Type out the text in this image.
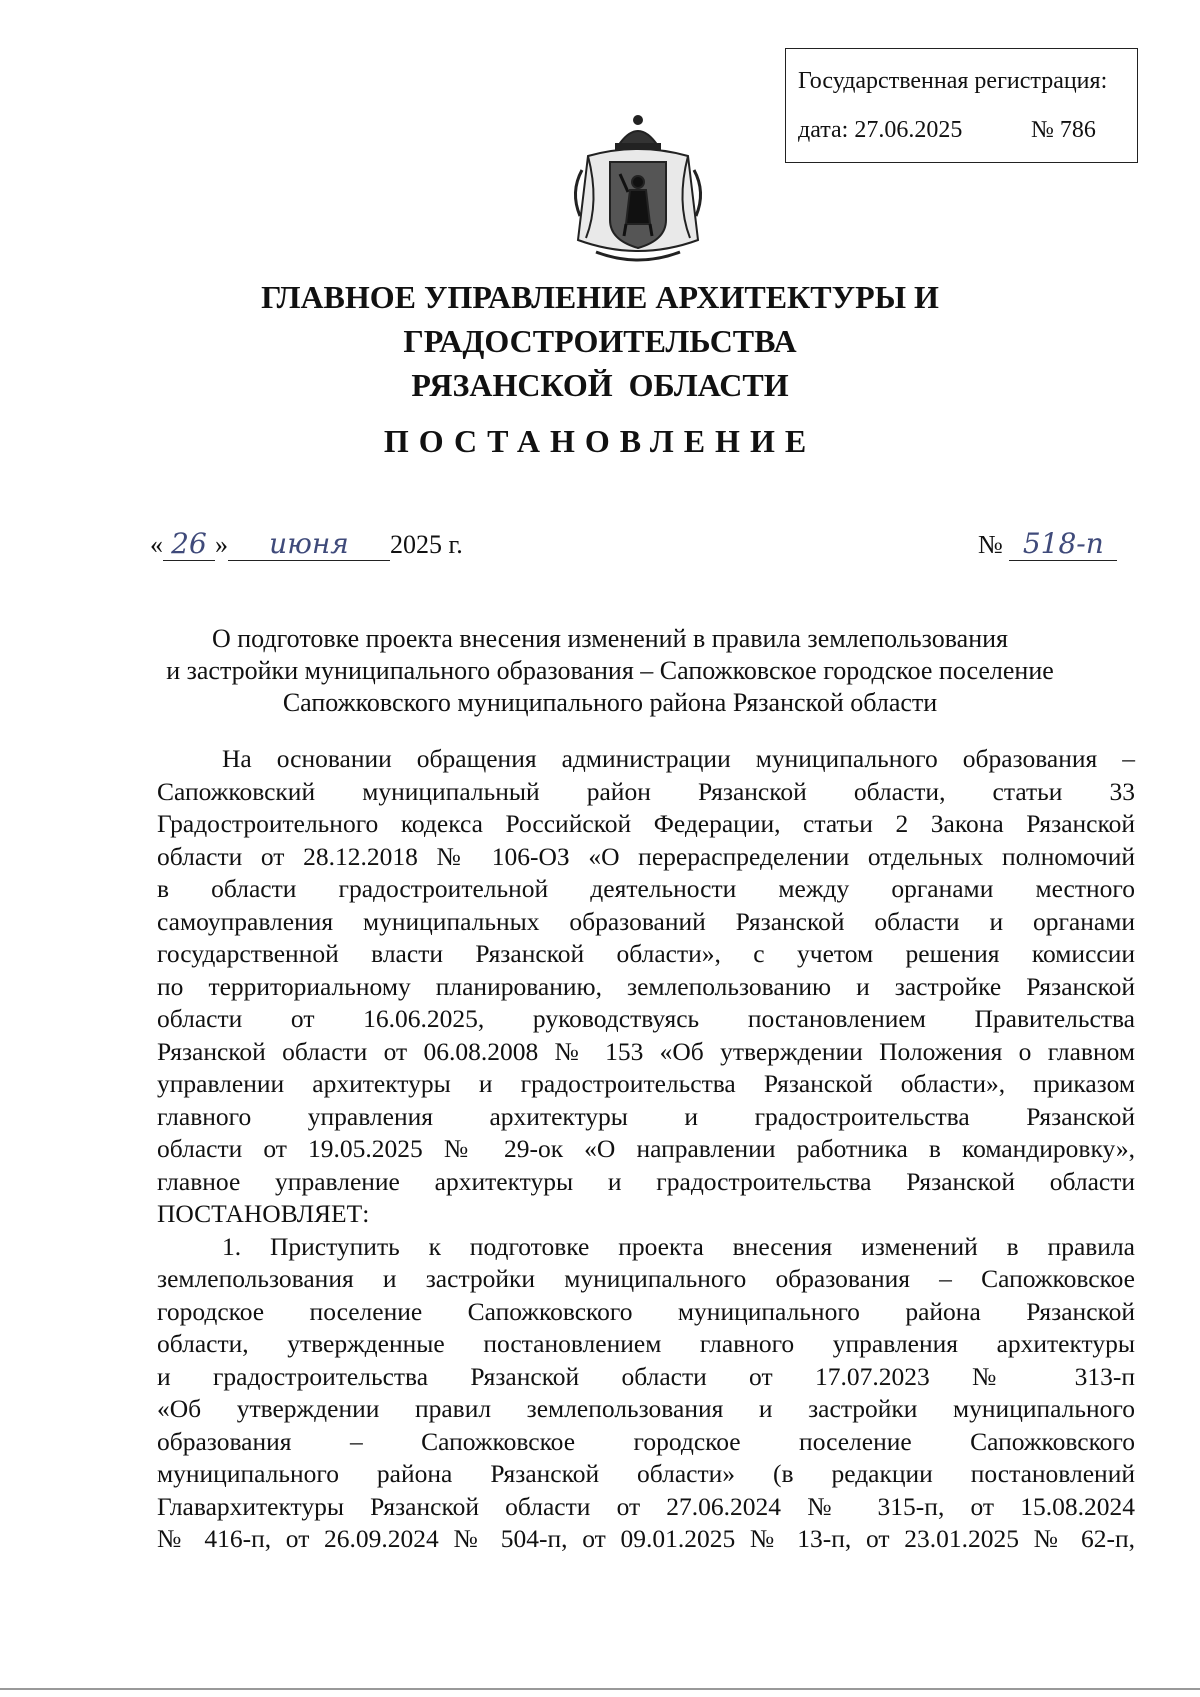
Государственная регистрация:
дата: 27.06.2025	№ 786
ГЛАВНОЕ УПРАВЛЕНИЕ АРХИТЕКТУРЫ И ГРАДОСТРОИТЕЛЬСТВА
РЯЗАНСКОЙ  ОБЛАСТИ
ПОСТАНОВЛЕНИЕ
« 26 » июня 2025 г.	№ 518-п
О подготовке проекта внесения изменений в правила землепользования
и застройки муниципального образования – Сапожковское городское поселение
Сапожковского муниципального района Рязанской области
На основании обращения администрации муниципального образования –
Сапожковский муниципальный район Рязанской области, статьи 33
Градостроительного кодекса Российской Федерации, статьи 2 Закона Рязанской
области от 28.12.2018 № 106-ОЗ «О перераспределении отдельных полномочий
в области градостроительной деятельности между органами местного
самоуправления муниципальных образований Рязанской области и органами
государственной власти Рязанской области», с учетом решения комиссии
по территориальному планированию, землепользованию и застройке Рязанской
области от 16.06.2025, руководствуясь постановлением Правительства
Рязанской области от 06.08.2008 № 153 «Об утверждении Положения о главном
управлении архитектуры и градостроительства Рязанской области», приказом
главного управления архитектуры и градостроительства Рязанской
области от 19.05.2025 № 29-ок «О направлении работника в командировку»,
главное управление архитектуры и градостроительства Рязанской области
ПОСТАНОВЛЯЕТ:
1. Приступить к подготовке проекта внесения изменений в правила
землепользования и застройки муниципального образования – Сапожковское
городское поселение Сапожковского муниципального района Рязанской
области, утвержденные постановлением главного управления архитектуры
и градостроительства Рязанской области от 17.07.2023 № 313-п
«Об утверждении правил землепользования и застройки муниципального
образования – Сапожковское городское поселение Сапожковского
муниципального района Рязанской области» (в редакции постановлений
Главархитектуры Рязанской области от 27.06.2024 № 315-п, от 15.08.2024
№ 416-п, от 26.09.2024 № 504-п, от 09.01.2025 № 13-п, от 23.01.2025 № 62-п,
